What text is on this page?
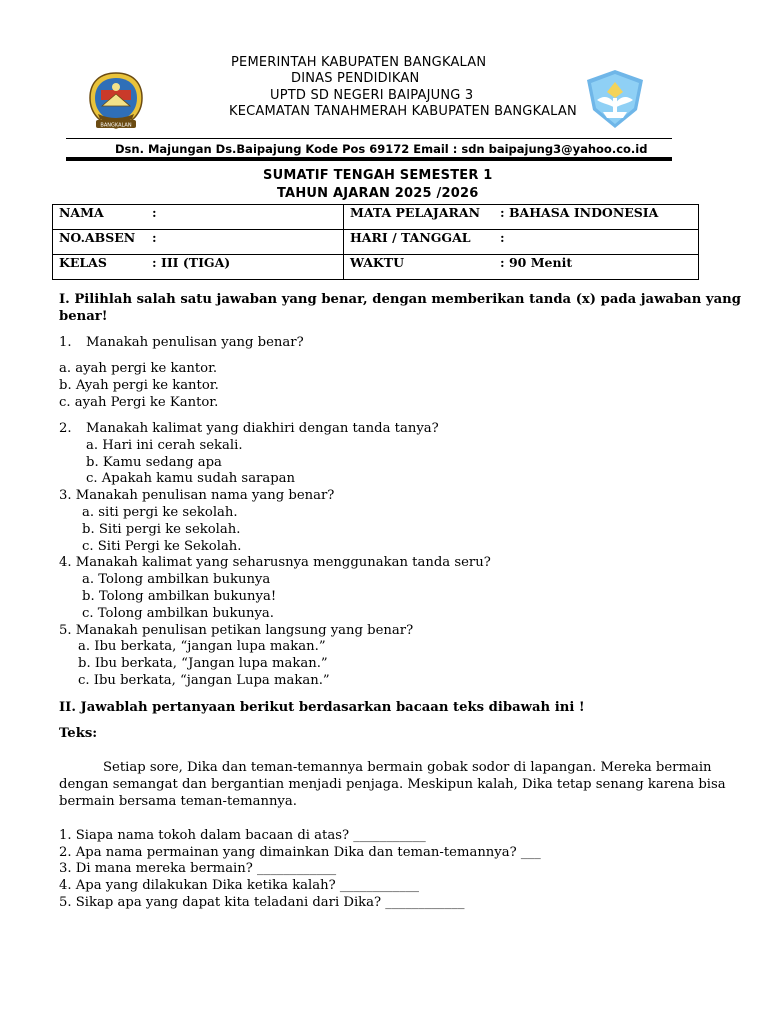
BANGKALAN
PEMERINTAH KABUPATEN BANGKALAN
DINAS PENDIDIKAN
UPTD SD NEGERI BAIPAJUNG 3
KECAMATAN TANAHMERAH KABUPATEN BANGKALAN
Dsn. Majungan Ds.Baipajung Kode Pos 69172 Email : sdn baipajung3@yahoo.co.id
SUMATIF TENGAH SEMESTER 1
TAHUN AJARAN 2025 /2026
NAMA :	MATA PELAJARAN : BAHASA INDONESIA
NO.ABSEN :	HARI / TANGGAL :
KELAS : III (TIGA)	WAKTU : 90 Menit
I. Pilihlah salah satu jawaban yang benar, dengan memberikan tanda (x) pada jawaban yang
benar!
1. Manakah penulisan yang benar?
a. ayah pergi ke kantor.
b. Ayah pergi ke kantor.
c. ayah Pergi ke Kantor.
2. Manakah kalimat yang diakhiri dengan tanda tanya?
a. Hari ini cerah sekali.
b. Kamu sedang apa
c. Apakah kamu sudah sarapan
3. Manakah penulisan nama yang benar?
a. siti pergi ke sekolah.
b. Siti pergi ke sekolah.
c. Siti Pergi ke Sekolah.
4. Manakah kalimat yang seharusnya menggunakan tanda seru?
a. Tolong ambilkan bukunya
b. Tolong ambilkan bukunya!
c. Tolong ambilkan bukunya.
5. Manakah penulisan petikan langsung yang benar?
a. Ibu berkata, “jangan lupa makan.”
b. Ibu berkata, “Jangan lupa makan.”
c. Ibu berkata, “jangan Lupa makan.”
II. Jawablah pertanyaan berikut berdasarkan bacaan teks dibawah ini !
Teks:
Setiap sore, Dika dan teman-temannya bermain gobak sodor di lapangan. Mereka bermain
dengan semangat dan bergantian menjadi penjaga. Meskipun kalah, Dika tetap senang karena bisa
bermain bersama teman-temannya.
1. Siapa nama tokoh dalam bacaan di atas? ___________
2. Apa nama permainan yang dimainkan Dika dan teman-temannya? ___
3. Di mana mereka bermain? ____________
4. Apa yang dilakukan Dika ketika kalah? ____________
5. Sikap apa yang dapat kita teladani dari Dika? ____________
